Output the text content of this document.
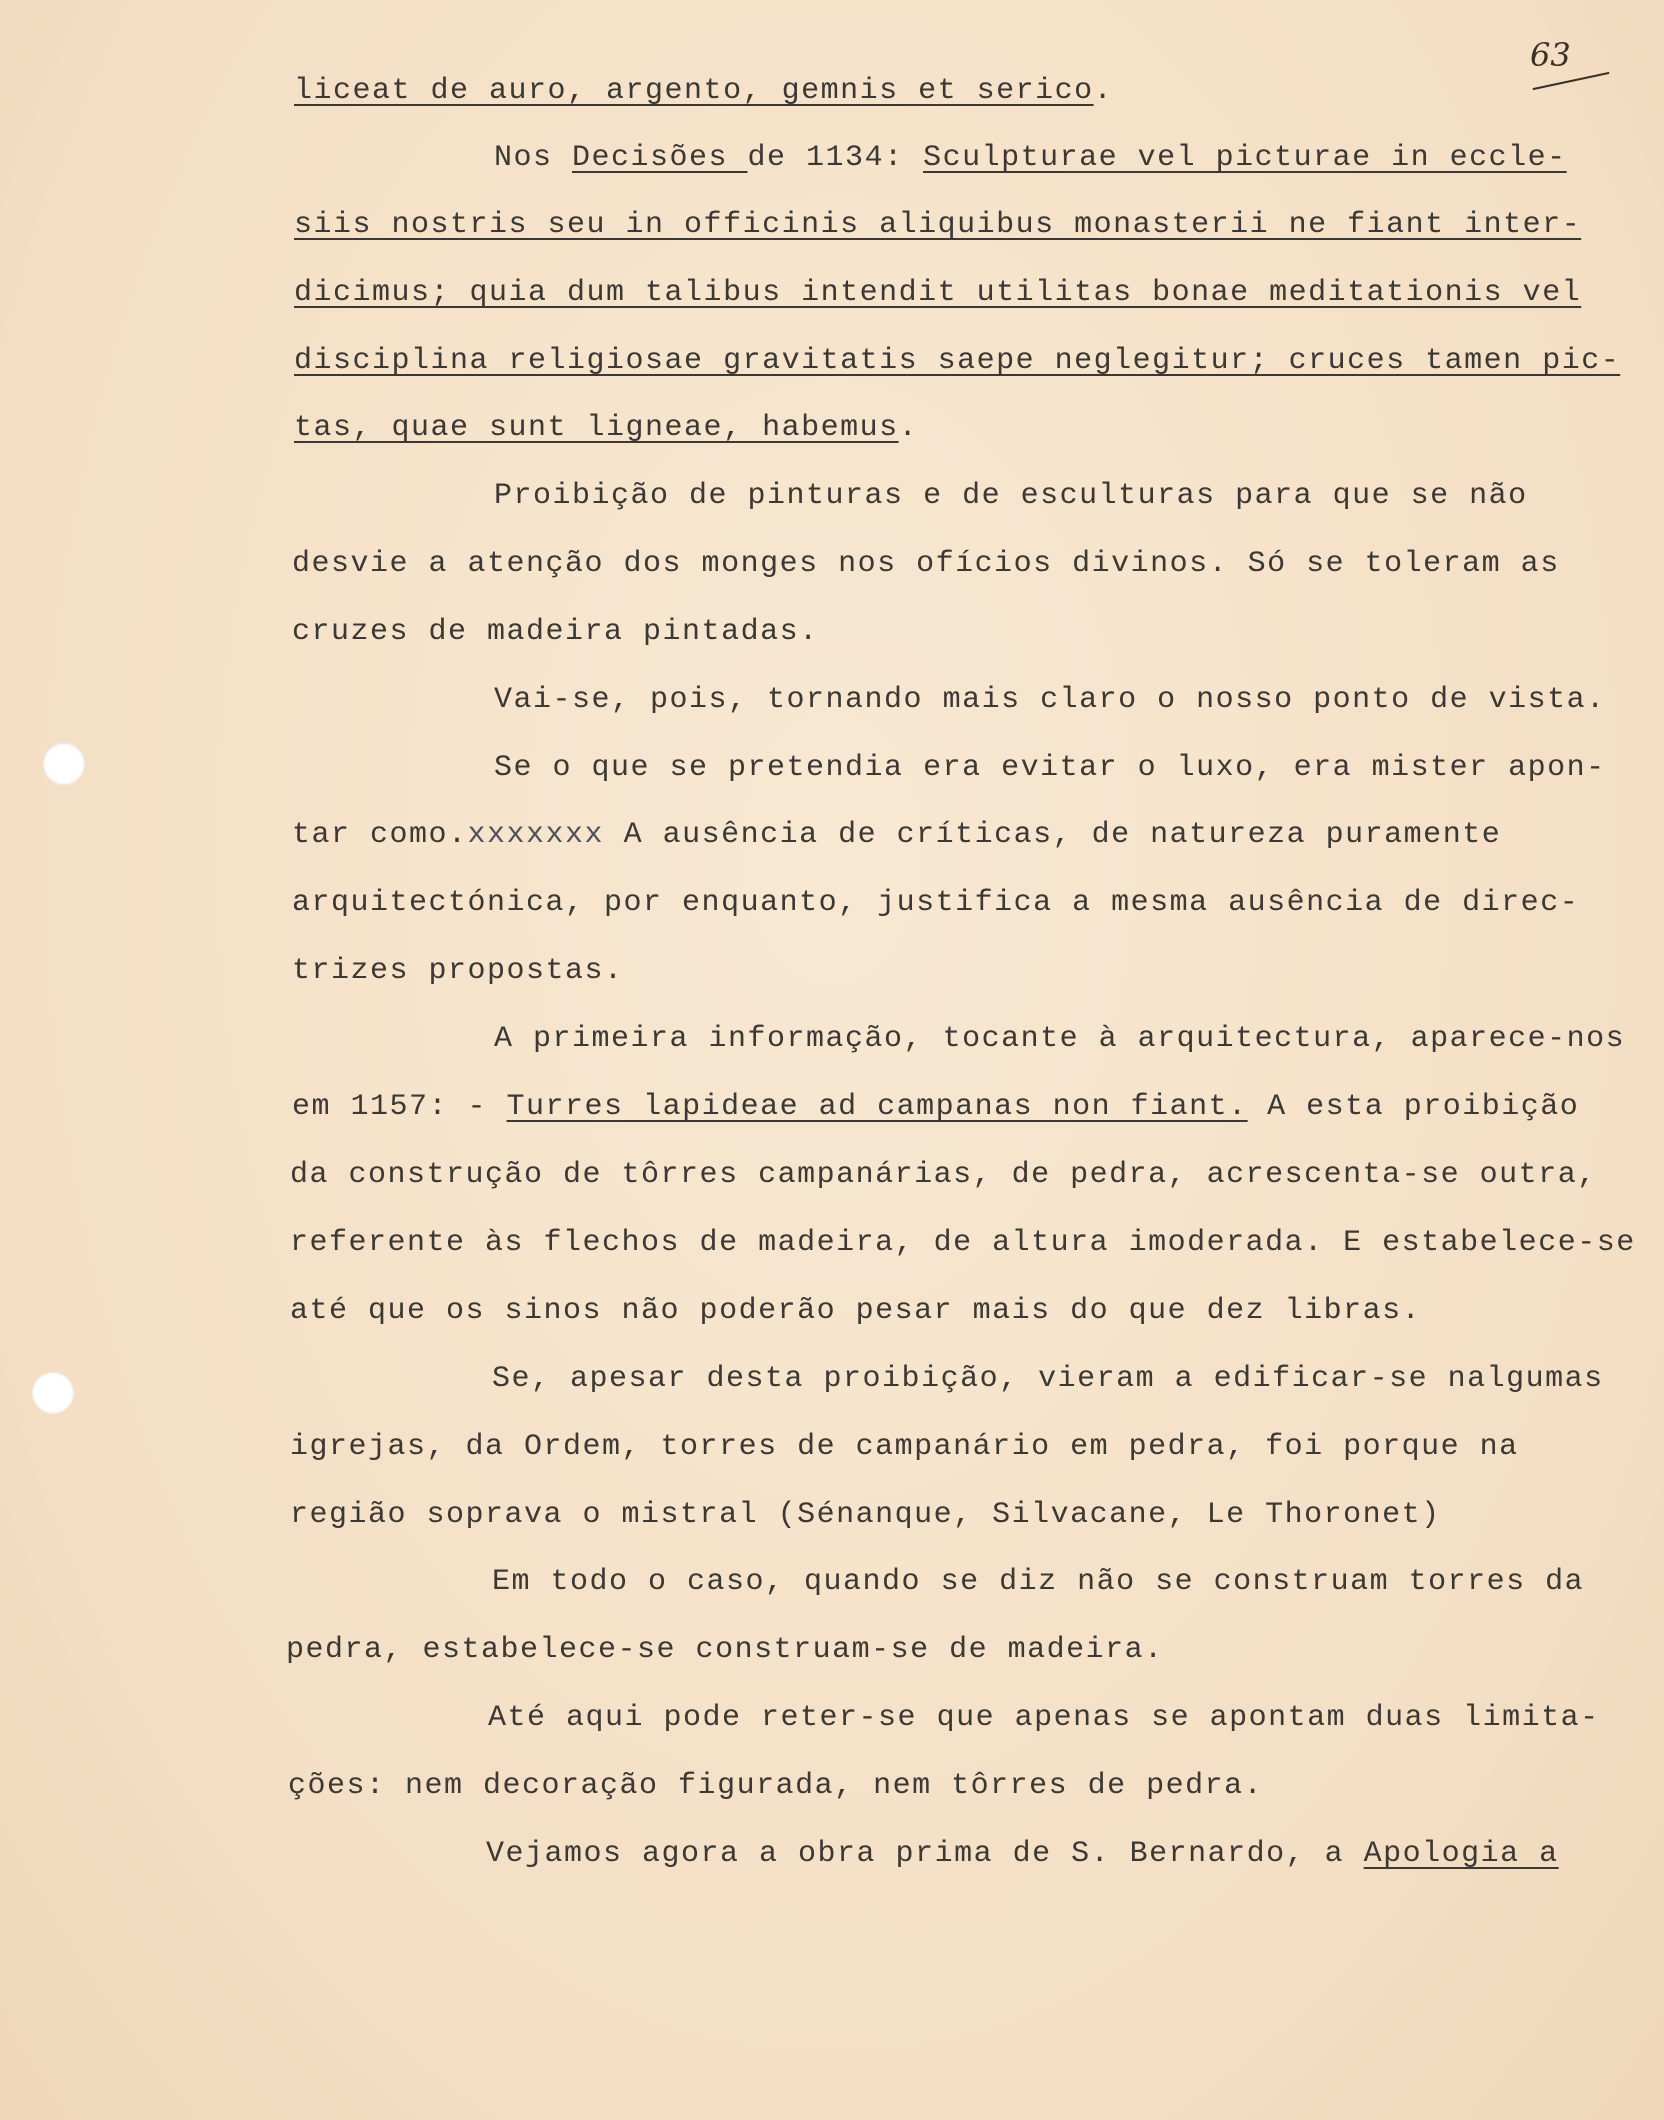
63
liceat de auro, argento, gemnis et serico.
Nos Decisões de 1134: Sculpturae vel picturae in eccle-
siis nostris seu in officinis aliquibus monasterii ne fiant inter-
dicimus; quia dum talibus intendit utilitas bonae meditationis vel
disciplina religiosae gravitatis saepe neglegitur; cruces tamen pic-
tas, quae sunt ligneae, habemus.
Proibição de pinturas e de esculturas para que se não
desvie a atenção dos monges nos ofícios divinos. Só se toleram as
cruzes de madeira pintadas.
Vai-se, pois, tornando mais claro o nosso ponto de vista.
Se o que se pretendia era evitar o luxo, era mister apon-
tar como.xxxxxxx A ausência de críticas, de natureza puramente
arquitectónica, por enquanto, justifica a mesma ausência de direc-
trizes propostas.
A primeira informação, tocante à arquitectura, aparece-nos
em 1157: - Turres lapideae ad campanas non fiant. A esta proibição
da construção de tôrres campanárias, de pedra, acrescenta-se outra,
referente às flechos de madeira, de altura imoderada. E estabelece-se
até que os sinos não poderão pesar mais do que dez libras.
Se, apesar desta proibição, vieram a edificar-se nalgumas
igrejas, da Ordem, torres de campanário em pedra, foi porque na
região soprava o mistral (Sénanque, Silvacane, Le Thoronet)
Em todo o caso, quando se diz não se construam torres da
pedra, estabelece-se construam-se de madeira.
Até aqui pode reter-se que apenas se apontam duas limita-
ções: nem decoração figurada, nem tôrres de pedra.
Vejamos agora a obra prima de S. Bernardo, a Apologia a
